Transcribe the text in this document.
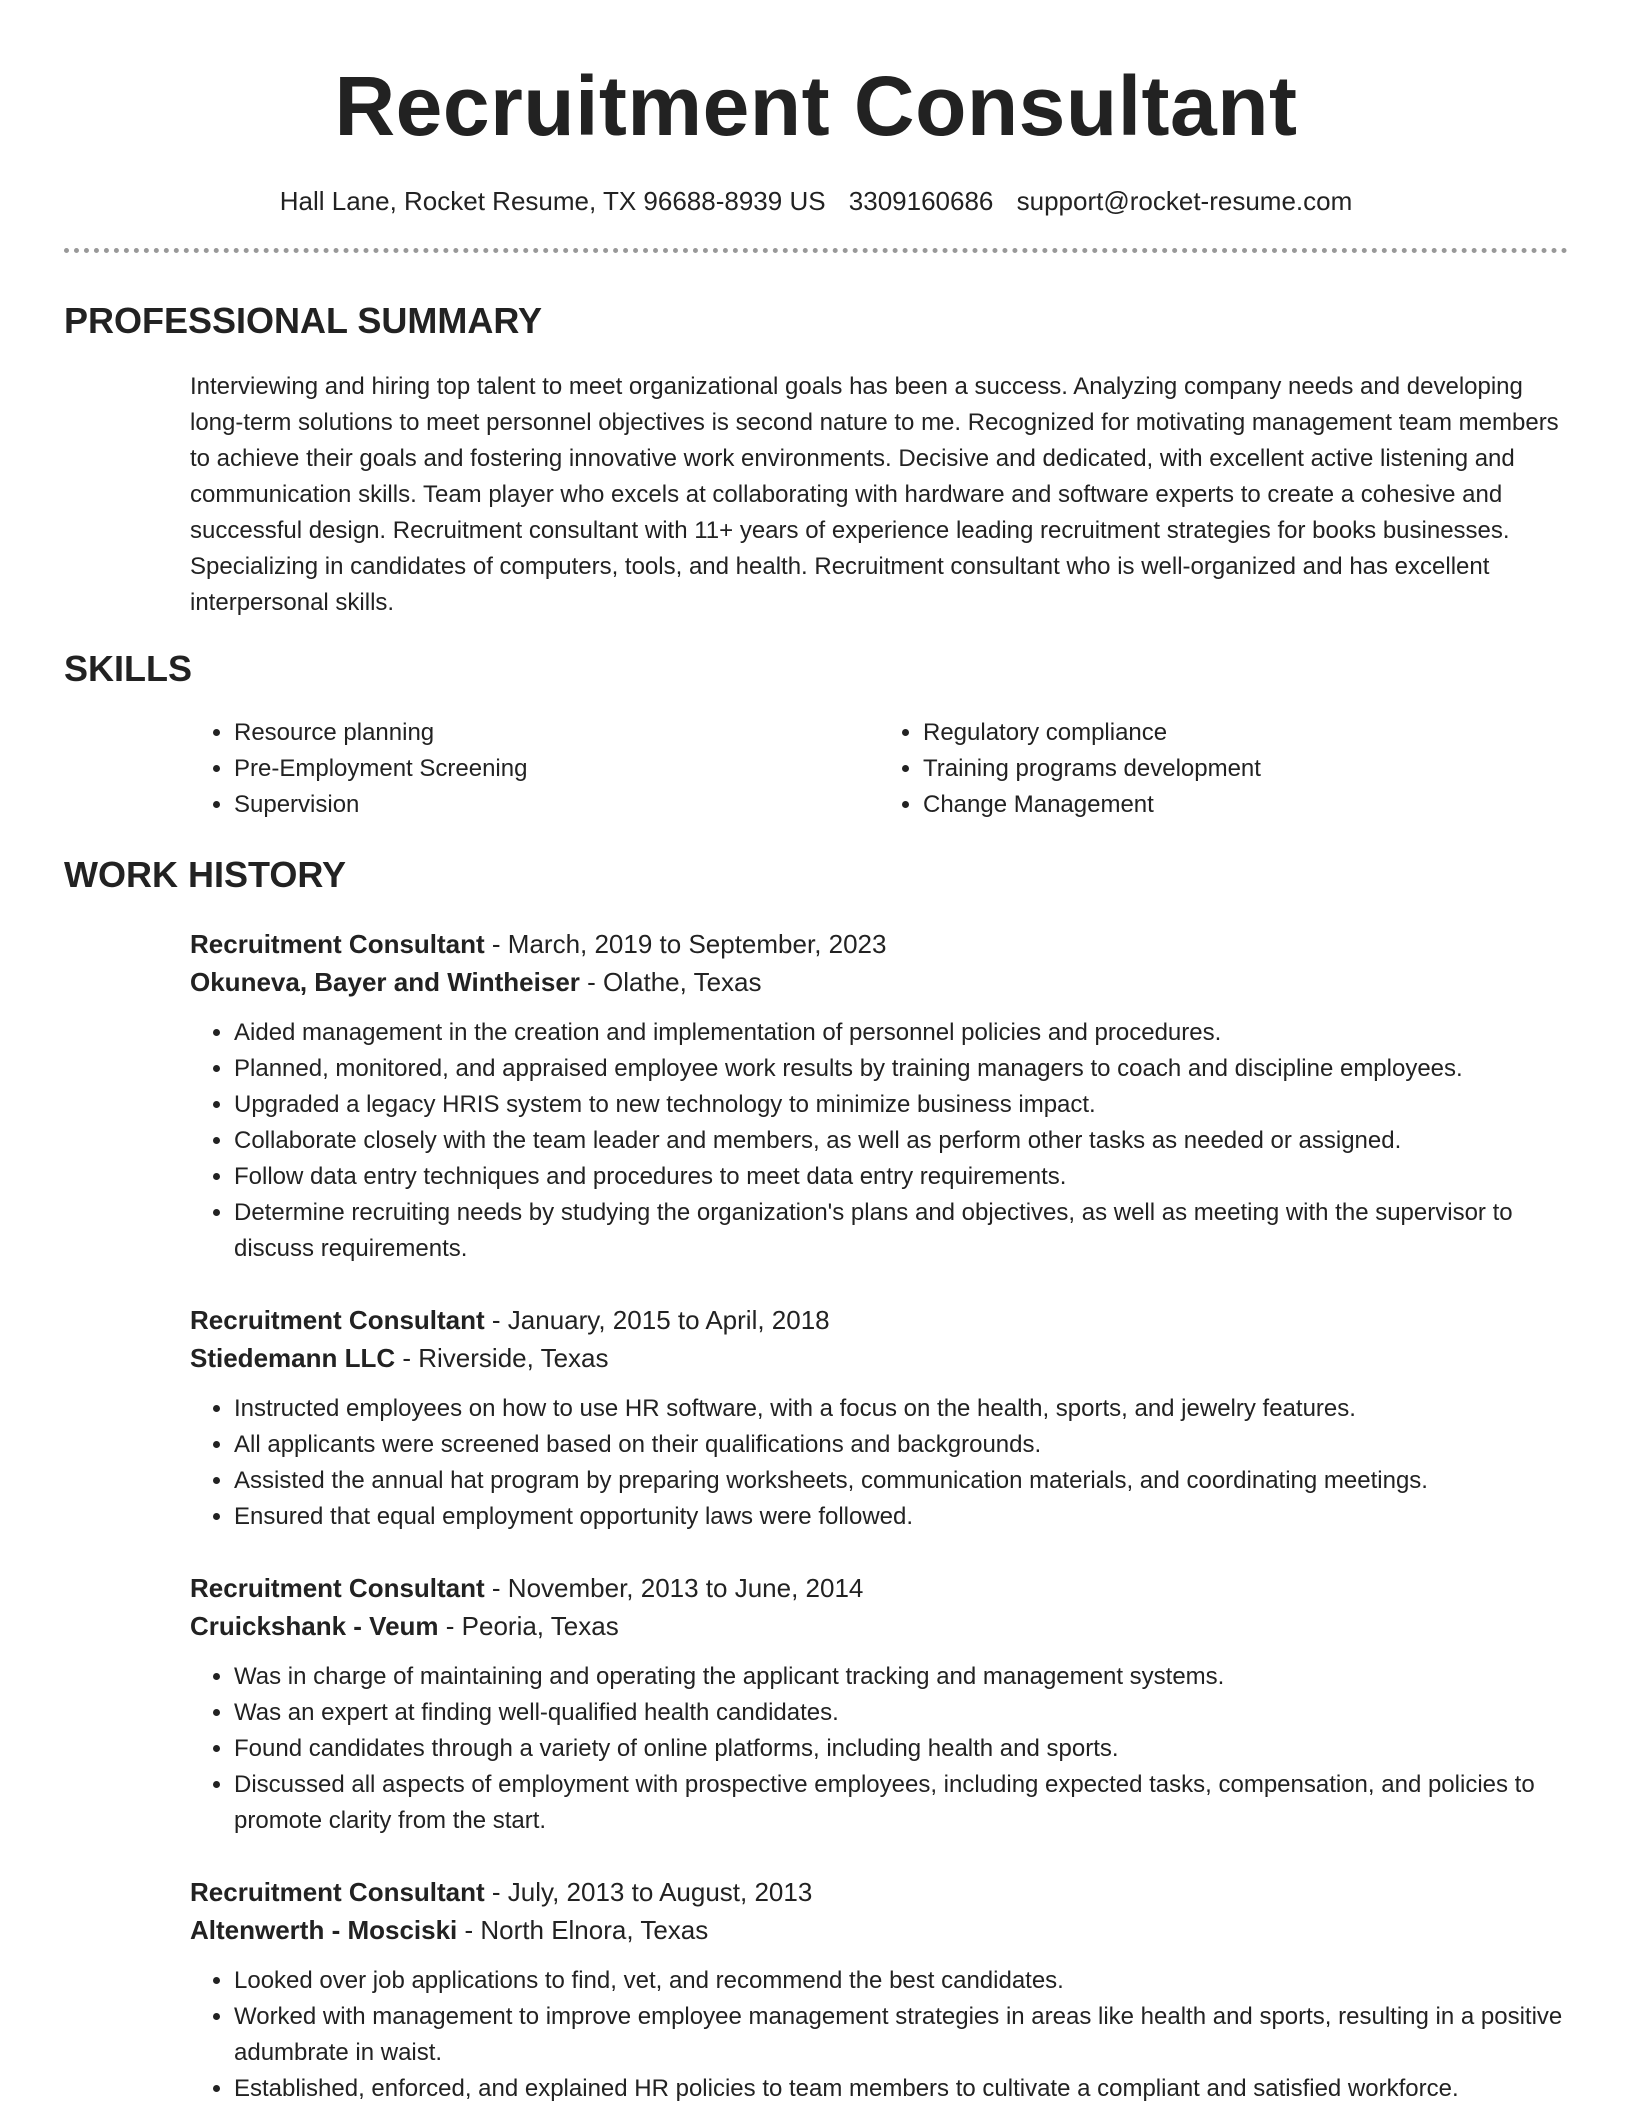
Recruitment Consultant
Hall Lane, Rocket Resume, TX 96688-8939 US 3309160686 support@rocket-resume.com
PROFESSIONAL SUMMARY

Interviewing and hiring top talent to meet organizational goals has been a success. Analyzing company needs and developing long-term solutions to meet personnel objectives is second nature to me. Recognized for motivating management team members to achieve their goals and fostering innovative work environments. Decisive and dedicated, with excellent active listening and communication skills. Team player who excels at collaborating with hardware and software experts to create a cohesive and successful design. Recruitment consultant with 11+ years of experience leading recruitment strategies for books businesses. Specializing in candidates of computers, tools, and health. Recruitment consultant who is well-organized and has excellent interpersonal skills.

SKILLS
• Resource planning
• Pre-Employment Screening
• Supervision
• Regulatory compliance
• Training programs development
• Change Management
WORK HISTORY
Recruitment Consultant - March, 2019 to September, 2023
Okuneva, Bayer and Wintheiser - Olathe, Texas
• Aided management in the creation and implementation of personnel policies and procedures.
• Planned, monitored, and appraised employee work results by training managers to coach and discipline employees.
• Upgraded a legacy HRIS system to new technology to minimize business impact.
• Collaborate closely with the team leader and members, as well as perform other tasks as needed or assigned.
• Follow data entry techniques and procedures to meet data entry requirements.
• Determine recruiting needs by studying the organization's plans and objectives, as well as meeting with the supervisor to discuss requirements.
Recruitment Consultant - January, 2015 to April, 2018
Stiedemann LLC - Riverside, Texas
• Instructed employees on how to use HR software, with a focus on the health, sports, and jewelry features.
• All applicants were screened based on their qualifications and backgrounds.
• Assisted the annual hat program by preparing worksheets, communication materials, and coordinating meetings.
• Ensured that equal employment opportunity laws were followed.
Recruitment Consultant - November, 2013 to June, 2014
Cruickshank - Veum - Peoria, Texas
• Was in charge of maintaining and operating the applicant tracking and management systems.
• Was an expert at finding well-qualified health candidates.
• Found candidates through a variety of online platforms, including health and sports.
• Discussed all aspects of employment with prospective employees, including expected tasks, compensation, and policies to promote clarity from the start.
Recruitment Consultant - July, 2013 to August, 2013
Altenwerth - Mosciski - North Elnora, Texas
• Looked over job applications to find, vet, and recommend the best candidates.
• Worked with management to improve employee management strategies in areas like health and sports, resulting in a positive adumbrate in waist.
• Established, enforced, and explained HR policies to team members to cultivate a compliant and satisfied workforce.
